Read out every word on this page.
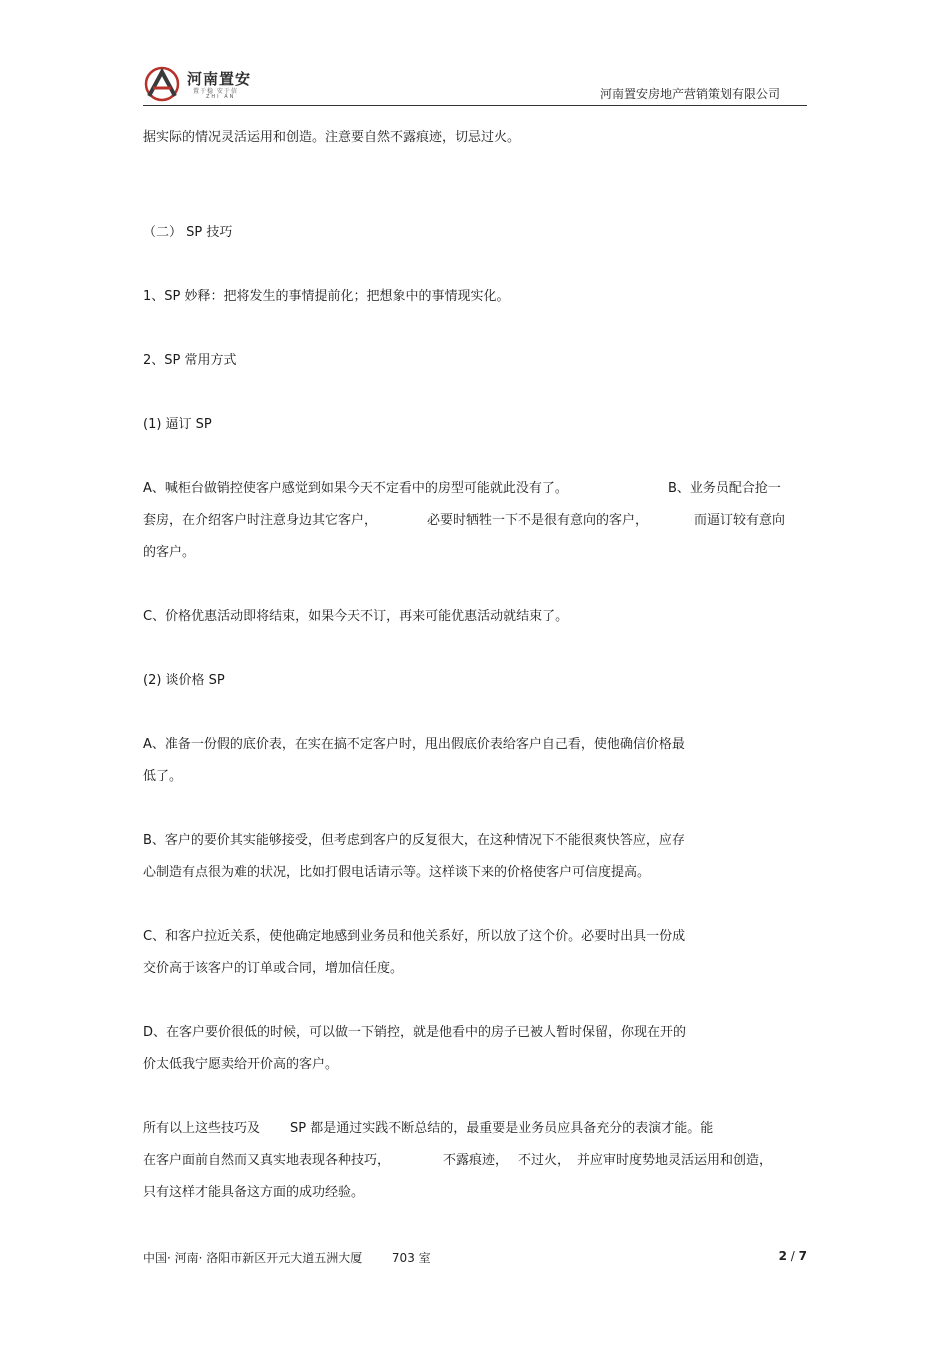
河南置安
置于稳 安于信
ZHI AN	河南置安房地产营销策划有限公司
据实际的情况灵活运用和创造。注意要自然不露痕迹，切忌过火。
（二） SP 技巧
1、SP 妙释：把将发生的事情提前化；把想象中的事情现实化。
2、SP 常用方式
(1) 逼订 SP
A、喊柜台做销控使客户感觉到如果今天不定看中的房型可能就此没有了。	B、业务员配合抢一
套房，在介绍客户时注意身边其它客户，	必要时牺牲一下不是很有意向的客户，	而逼订较有意向
的客户。
C、价格优惠活动即将结束，如果今天不订，再来可能优惠活动就结束了。
(2) 谈价格 SP
A、准备一份假的底价表，在实在搞不定客户时，甩出假底价表给客户自己看，使他确信价格最
低了。
B、客户的要价其实能够接受，但考虑到客户的反复很大，在这种情况下不能很爽快答应，应存
心制造有点很为难的状况，比如打假电话请示等。这样谈下来的价格使客户可信度提高。
C、和客户拉近关系，使他确定地感到业务员和他关系好，所以放了这个价。必要时出具一份成
交价高于该客户的订单或合同，增加信任度。
D、在客户要价很低的时候，可以做一下销控，就是他看中的房子已被人暂时保留，你现在开的
价太低我宁愿卖给开价高的客户。
所有以上这些技巧及 SP 都是通过实践不断总结的，最重要是业务员应具备充分的表演才能。能
在客户面前自然而又真实地表现各种技巧，	不露痕迹， 不过火， 并应审时度势地灵活运用和创造，
只有这样才能具备这方面的成功经验。
中国· 河南· 洛阳市新区开元大道五洲大厦 703 室	2 / 7
